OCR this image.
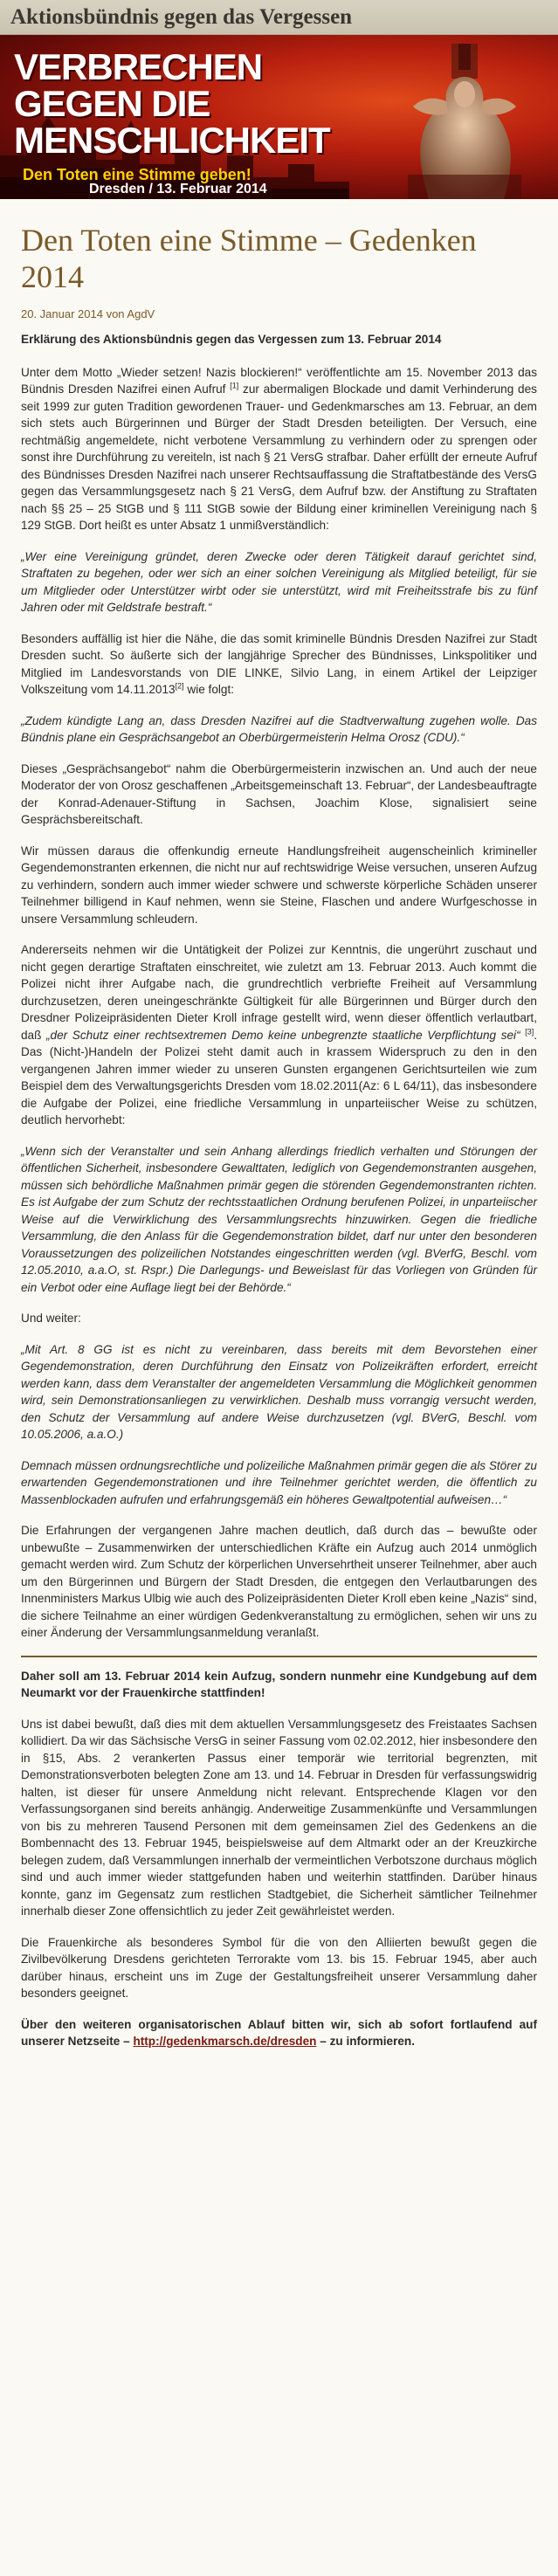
Aktionsbündnis gegen das Vergessen
VERBRECHEN
GEGEN DIE
MENSCHLICHKEIT
Den Toten eine Stimme geben!
Dresden / 13. Februar 2014
Den Toten eine Stimme – Gedenken 2014
20. Januar 2014 von AgdV

Erklärung des Aktionsbündnis gegen das Vergessen zum 13. Februar 2014

Unter dem Motto „Wieder setzen! Nazis blockieren!“ veröffentlichte am 15. November 2013 das Bündnis Dresden Nazifrei einen Aufruf [1] zur abermaligen Blockade und damit Verhinderung des seit 1999 zur guten Tradition gewordenen Trauer- und Gedenkmarsches am 13. Februar, an dem sich stets auch Bürgerinnen und Bürger der Stadt Dresden beteiligten. Der Versuch, eine rechtmäßig angemeldete, nicht verbotene Versammlung zu verhindern oder zu sprengen oder sonst ihre Durchführung zu vereiteln, ist nach § 21 VersG strafbar. Daher erfüllt der erneute Aufruf des Bündnisses Dresden Nazifrei nach unserer Rechtsauffassung die Straftatbestände des VersG gegen das Versammlungsgesetz nach § 21 VersG, dem Aufruf bzw. der Anstiftung zu Straftaten nach §§ 25 – 25 StGB und § 111 StGB sowie der Bildung einer kriminellen Vereinigung nach § 129 StGB. Dort heißt es unter Absatz 1 unmißverständlich:

„Wer eine Vereinigung gründet, deren Zwecke oder deren Tätigkeit darauf gerichtet sind, Straftaten zu begehen, oder wer sich an einer solchen Vereinigung als Mitglied beteiligt, für sie um Mitglieder oder Unterstützer wirbt oder sie unterstützt, wird mit Freiheitsstrafe bis zu fünf Jahren oder mit Geldstrafe bestraft.“

Besonders auffällig ist hier die Nähe, die das somit kriminelle Bündnis Dresden Nazifrei zur Stadt Dresden sucht. So äußerte sich der langjährige Sprecher des Bündnisses, Linkspolitiker und Mitglied im Landesvorstands von DIE LINKE, Silvio Lang, in einem Artikel der Leipziger Volkszeitung vom 14.11.2013[2] wie folgt:

„Zudem kündigte Lang an, dass Dresden Nazifrei auf die Stadtverwaltung zugehen wolle. Das Bündnis plane ein Gesprächsangebot an Oberbürgermeisterin Helma Orosz (CDU).“

Dieses „Gesprächsangebot“ nahm die Oberbürgermeisterin inzwischen an. Und auch der neue Moderator der von Orosz geschaffenen „Arbeitsgemeinschaft 13. Februar“, der Landesbeauftragte der Konrad-Adenauer-Stiftung in Sachsen, Joachim Klose, signalisiert seine Gesprächsbereitschaft.

Wir müssen daraus die offenkundig erneute Handlungsfreiheit augenscheinlich krimineller Gegendemonstranten erkennen, die nicht nur auf rechtswidrige Weise versuchen, unseren Aufzug zu verhindern, sondern auch immer wieder schwere und schwerste körperliche Schäden unserer Teilnehmer billigend in Kauf nehmen, wenn sie Steine, Flaschen und andere Wurfgeschosse in unsere Versammlung schleudern.

Andererseits nehmen wir die Untätigkeit der Polizei zur Kenntnis, die ungerührt zuschaut und nicht gegen derartige Straftaten einschreitet, wie zuletzt am 13. Februar 2013. Auch kommt die Polizei nicht ihrer Aufgabe nach, die grundrechtlich verbriefte Freiheit auf Versammlung durchzusetzen, deren uneingeschränkte Gültigkeit für alle Bürgerinnen und Bürger durch den Dresdner Polizeipräsidenten Dieter Kroll infrage gestellt wird, wenn dieser öffentlich verlautbart, daß „der Schutz einer rechtsextremen Demo keine unbegrenzte staatliche Verpflichtung sei“ [3]. Das (Nicht-)Handeln der Polizei steht damit auch in krassem Widerspruch zu den in den vergangenen Jahren immer wieder zu unseren Gunsten ergangenen Gerichtsurteilen wie zum Beispiel dem des Verwaltungsgerichts Dresden vom 18.02.2011(Az: 6 L 64/11), das insbesondere die Aufgabe der Polizei, eine friedliche Versammlung in unparteiischer Weise zu schützen, deutlich hervorhebt:

„Wenn sich der Veranstalter und sein Anhang allerdings friedlich verhalten und Störungen der öffentlichen Sicherheit, insbesondere Gewalttaten, lediglich von Gegendemonstranten ausgehen, müssen sich behördliche Maßnahmen primär gegen die störenden Gegendemonstranten richten. Es ist Aufgabe der zum Schutz der rechtsstaatlichen Ordnung berufenen Polizei, in unparteiischer Weise auf die Verwirklichung des Versammlungsrechts hinzuwirken. Gegen die friedliche Versammlung, die den Anlass für die Gegendemonstration bildet, darf nur unter den besonderen Voraussetzungen des polizeilichen Notstandes eingeschritten werden (vgl. BVerfG, Beschl. vom 12.05.2010, a.a.O, st. Rspr.) Die Darlegungs- und Beweislast für das Vorliegen von Gründen für ein Verbot oder eine Auflage liegt bei der Behörde.“

Und weiter:

„Mit Art. 8 GG ist es nicht zu vereinbaren, dass bereits mit dem Bevorstehen einer Gegendemonstration, deren Durchführung den Einsatz von Polizeikräften erfordert, erreicht werden kann, dass dem Veranstalter der angemeldeten Versammlung die Möglichkeit genommen wird, sein Demonstrationsanliegen zu verwirklichen. Deshalb muss vorrangig versucht werden, den Schutz der Versammlung auf andere Weise durchzusetzen (vgl. BVerG, Beschl. vom 10.05.2006, a.a.O.)

Demnach müssen ordnungsrechtliche und polizeiliche Maßnahmen primär gegen die als Störer zu erwartenden Gegendemonstrationen und ihre Teilnehmer gerichtet werden, die öffentlich zu Massenblockaden aufrufen und erfahrungsgemäß ein höheres Gewaltpotential aufweisen…“

Die Erfahrungen der vergangenen Jahre machen deutlich, daß durch das – bewußte oder unbewußte – Zusammenwirken der unterschiedlichen Kräfte ein Aufzug auch 2014 unmöglich gemacht werden wird. Zum Schutz der körperlichen Unversehrtheit unserer Teilnehmer, aber auch um den Bürgerinnen und Bürgern der Stadt Dresden, die entgegen den Verlautbarungen des Innenministers Markus Ulbig wie auch des Polizeipräsidenten Dieter Kroll eben keine „Nazis“ sind, die sichere Teilnahme an einer würdigen Gedenkveranstaltung zu ermöglichen, sehen wir uns zu einer Änderung der Versammlungsanmeldung veranlaßt.

Daher soll am 13. Februar 2014 kein Aufzug, sondern nunmehr eine Kundgebung auf dem Neumarkt vor der Frauenkirche stattfinden!

Uns ist dabei bewußt, daß dies mit dem aktuellen Versammlungsgesetz des Freistaates Sachsen kollidiert. Da wir das Sächsische VersG in seiner Fassung vom 02.02.2012, hier insbesondere den in §15, Abs. 2 verankerten Passus einer temporär wie territorial begrenzten, mit Demonstrationsverboten belegten Zone am 13. und 14. Februar in Dresden für verfassungswidrig halten, ist dieser für unsere Anmeldung nicht relevant. Entsprechende Klagen vor den Verfassungsorganen sind bereits anhängig. Anderweitige Zusammenkünfte und Versammlungen von bis zu mehreren Tausend Personen mit dem gemeinsamen Ziel des Gedenkens an die Bombennacht des 13. Februar 1945, beispielsweise auf dem Altmarkt oder an der Kreuzkirche belegen zudem, daß Versammlungen innerhalb der vermeintlichen Verbotszone durchaus möglich sind und auch immer wieder stattgefunden haben und weiterhin stattfinden. Darüber hinaus konnte, ganz im Gegensatz zum restlichen Stadtgebiet, die Sicherheit sämtlicher Teilnehmer innerhalb dieser Zone offensichtlich zu jeder Zeit gewährleistet werden.

Die Frauenkirche als besonderes Symbol für die von den Alliierten bewußt gegen die Zivilbevölkerung Dresdens gerichteten Terrorakte vom 13. bis 15. Februar 1945, aber auch darüber hinaus, erscheint uns im Zuge der Gestaltungsfreiheit unserer Versammlung daher besonders geeignet.

Über den weiteren organisatorischen Ablauf bitten wir, sich ab sofort fortlaufend auf unserer Netzseite – http://gedenkmarsch.de/dresden – zu informieren.
